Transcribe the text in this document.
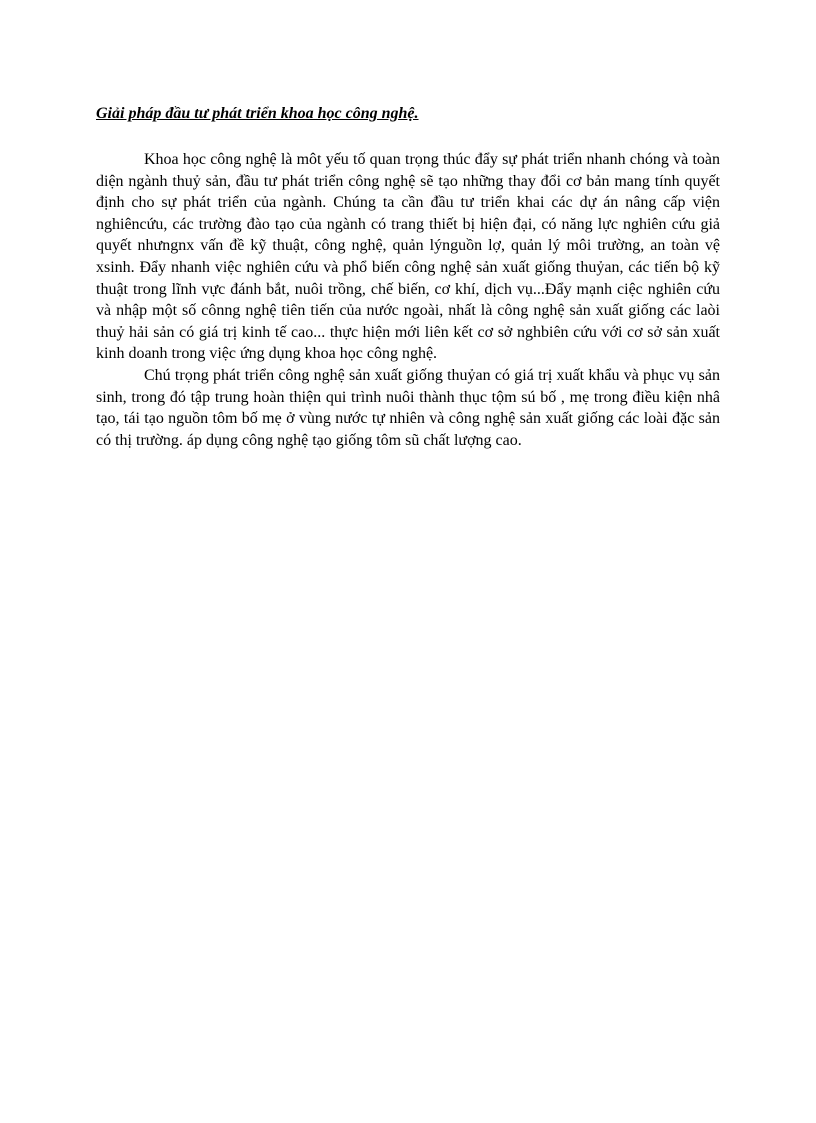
Giải pháp đầu tư phát triển khoa học công nghệ.

Khoa học công nghệ là môt yếu tố quan trọng thúc đẩy sự phát triển nhanh chóng và toàn diện ngành thuỷ sản, đầu tư phát triển công nghệ sẽ tạo những thay đổi cơ bản mang tính quyết định cho sự phát triển của ngành. Chúng ta cần đầu tư triển khai các dự án nâng cấp viện nghiêncứu, các trường đào tạo của ngành có trang thiết bị hiện đại, có năng lực nghiên cứu giả quyết nhưngnx vấn đề kỹ thuật, công nghệ, quản lýnguồn lợ, quản lý môi trường, an toàn vệ xsinh. Đẩy nhanh việc nghiên cứu và phổ biến công nghệ sản xuất giống thuỷan, các tiến bộ kỹ thuật trong lĩnh vực đánh bắt, nuôi trồng, chế biến, cơ khí, dịch vụ...Đẩy mạnh ciệc nghiên cứu và nhập một số cônng nghệ tiên tiến của nước ngoài, nhất là công nghệ sản xuất giống các laòi thuỷ hải sản có giá trị kinh tế cao... thực hiện mới liên kết cơ sở nghbiên cứu với cơ sở sản xuất kinh doanh trong việc ứng dụng khoa học công nghệ.

Chú trọng phát triển công nghệ sản xuất giống thuỷan có giá trị xuất khẩu và phục vụ sản sinh, trong đó tập trung hoàn thiện qui trình nuôi thành thục tộm sú bố , mẹ trong điều kiện nhâ tạo, tái tạo nguồn tôm bố mẹ ở vùng nước tự nhiên và công nghệ sản xuất giống các loài đặc sản có thị trường. áp dụng công nghệ tạo giống tôm sũ chất lượng cao.
